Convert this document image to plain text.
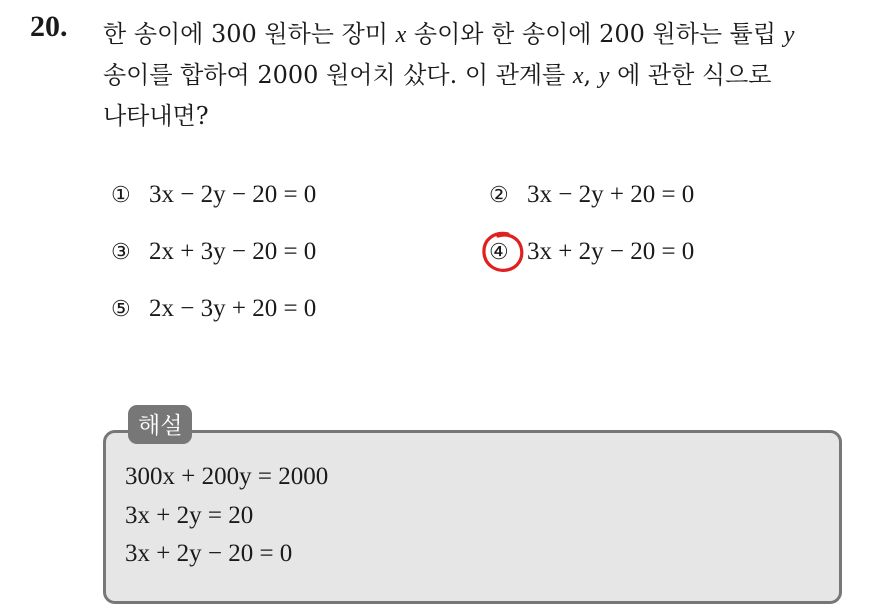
20. 한 송이에 300 원하는 장미 x 송이와 한 송이에 200 원하는 튤립 y
송이를 합하여 2000 원어치 샀다. 이 관계를 x, y 에 관한 식으로
나타내면?
① 3x − 2y − 20 = 0	② 3x − 2y + 20 = 0
③ 2x + 3y − 20 = 0	④ 3x + 2y − 20 = 0
⑤ 2x − 3y + 20 = 0
해설
300x + 200y = 2000
3x + 2y = 20
3x + 2y − 20 = 0
